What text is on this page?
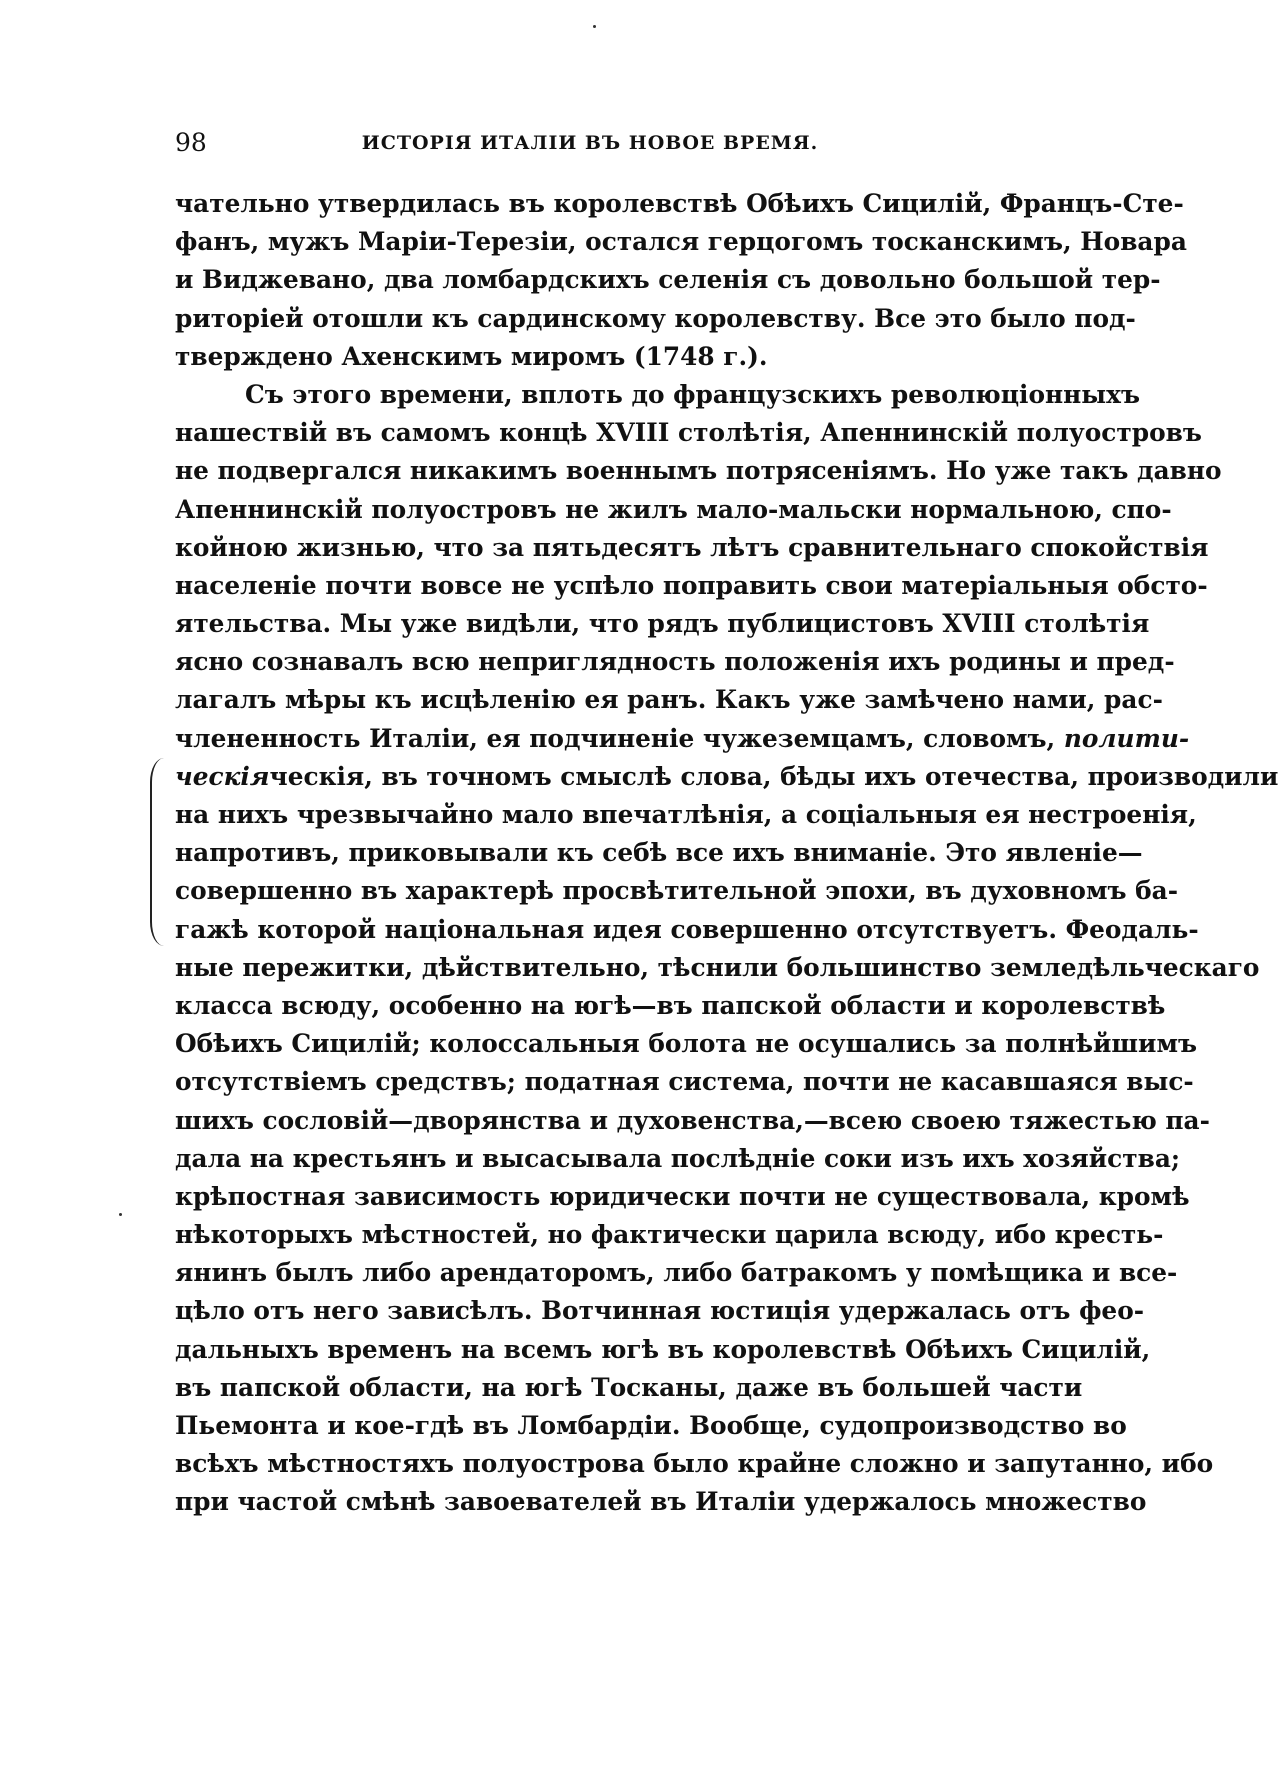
98	ИСТОРІЯ ИТАЛІИ ВЪ НОВОЕ ВРЕМЯ.
чательно утвердилась въ королевствѣ Обѣихъ Сицилій, Францъ-Сте-
фанъ, мужъ Маріи-Терезіи, остался герцогомъ тосканскимъ, Новара
и Виджевано, два ломбардскихъ селенія съ довольно большой тер-
риторіей отошли къ сардинскому королевству. Все это было под-
тверждено Ахенскимъ миромъ (1748 г.).
Съ этого времени, вплоть до французскихъ революціонныхъ
нашествій въ самомъ концѣ XVIII столѣтія, Апеннинскій полуостровъ
не подвергался никакимъ военнымъ потрясеніямъ. Но уже такъ давно
Апеннинскій полуостровъ не жилъ мало-мальски нормальною, спо-
койною жизнью, что за пятьдесятъ лѣтъ сравнительнаго спокойствія
населеніе почти вовсе не успѣло поправить свои матеріальныя обсто-
ятельства. Мы уже видѣли, что рядъ публицистовъ XVIII столѣтія
ясно сознавалъ всю неприглядность положенія ихъ родины и пред-
лагалъ мѣры къ исцѣленію ея ранъ. Какъ уже замѣчено нами, рас-
члененность Италіи, ея подчиненіе чужеземцамъ, словомъ, полити-
ческіяческія, въ точномъ смыслѣ слова, бѣды ихъ отечества, производили
на нихъ чрезвычайно мало впечатлѣнія, а соціальныя ея нестроенія,
напротивъ, приковывали къ себѣ все ихъ вниманіе. Это явленіе—
совершенно въ характерѣ просвѣтительной эпохи, въ духовномъ ба-
гажѣ которой національная идея совершенно отсутствуетъ. Феодаль-
ные пережитки, дѣйствительно, тѣснили большинство земледѣльческаго
класса всюду, особенно на югѣ—въ папской области и королевствѣ
Обѣихъ Сицилій; колоссальныя болота не осушались за полнѣйшимъ
отсутствіемъ средствъ; податная система, почти не касавшаяся выс-
шихъ сословій—дворянства и духовенства,—всею своею тяжестью па-
дала на крестьянъ и высасывала послѣдніе соки изъ ихъ хозяйства;
крѣпостная зависимость юридически почти не существовала, кромѣ
нѣкоторыхъ мѣстностей, но фактически царила всюду, ибо кресть-
янинъ былъ либо арендаторомъ, либо батракомъ у помѣщика и все-
цѣло отъ него зависѣлъ. Вотчинная юстиція удержалась отъ фео-
дальныхъ временъ на всемъ югѣ въ королевствѣ Обѣихъ Сицилій,
въ папской области, на югѣ Тосканы, даже въ большей части
Пьемонта и кое-гдѣ въ Ломбардіи. Вообще, судопроизводство во
всѣхъ мѣстностяхъ полуострова было крайне сложно и запутанно, ибо
при частой смѣнѣ завоевателей въ Италіи удержалось множество
